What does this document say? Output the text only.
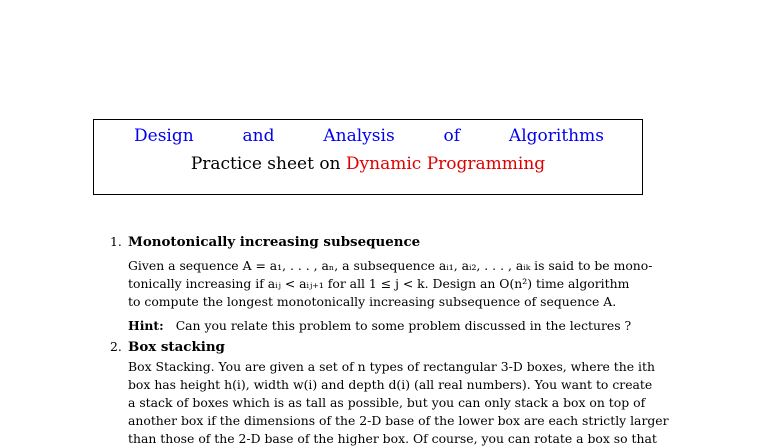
Design	and	Analysis	of	Algorithms
Practice sheet on Dynamic Programming
1. Monotonically increasing subsequence
Given a sequence A = a₁, . . . , aₙ, a subsequence aᵢ₁, aᵢ₂, . . . , aᵢₖ is said to be mono-
tonically increasing if aᵢⱼ < aᵢⱼ₊₁ for all 1 ≤ j < k. Design an O(n²) time algorithm
to compute the longest monotonically increasing subsequence of sequence A.
Hint: Can you relate this problem to some problem discussed in the lectures ?
2. Box stacking
Box Stacking. You are given a set of n types of rectangular 3-D boxes, where the ith
box has height h(i), width w(i) and depth d(i) (all real numbers). You want to create
a stack of boxes which is as tall as possible, but you can only stack a box on top of
another box if the dimensions of the 2-D base of the lower box are each strictly larger
than those of the 2-D base of the higher box. Of course, you can rotate a box so that
